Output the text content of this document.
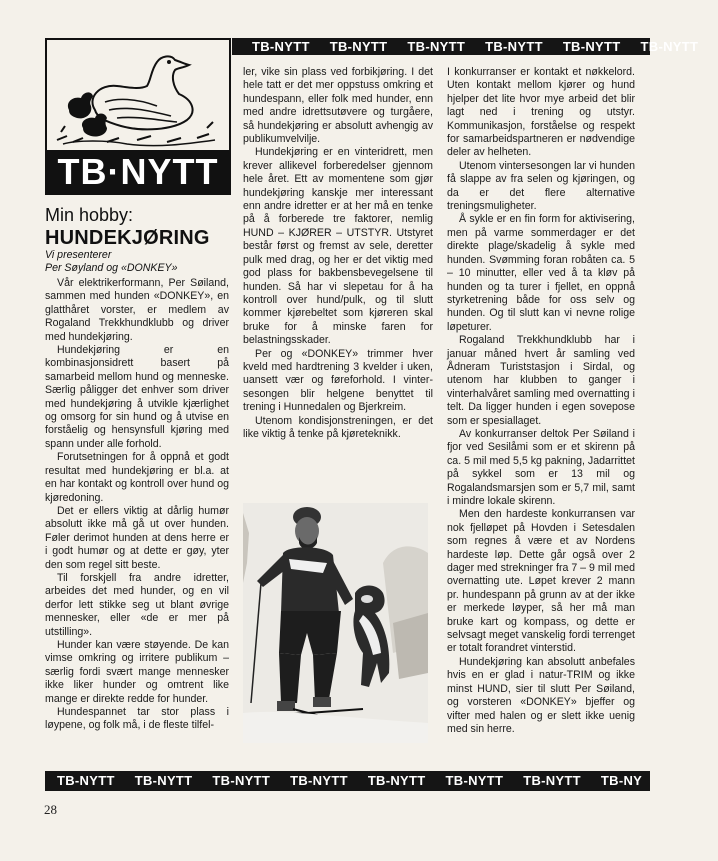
TB-NYTT TB-NYTT TB-NYTT TB-NYTT TB-NYTT TB-NYTT
TB·NYTT
Min hobby:
HUNDEKJØRING
Vi presenterer
Per Søyland og «DONKEY»

Vår elektrikerformann, Per Søiland, sammen med hunden «DONKEY», en glatthåret vorster, er medlem av Rogaland Trekkhundklubb og driver med hundekjøring.

Hundekjøring er en kombinasjonsidrett basert på samarbeid mellom hund og menneske. Særlig påligger det enhver som driver med hundekjøring å utvikle kjærlighet og omsorg for sin hund og å utvise en forståelig og hensynsfull kjøring med spann under alle forhold.

Forutsetningen for å oppnå et godt resultat med hundekjøring er bl.a. at en har kontakt og kontroll over hund og kjøredoning.

Det er ellers viktig at dårlig humør absolutt ikke må gå ut over hunden. Føler derimot hunden at dens herre er i godt humør og at dette er gøy, yter den som regel sitt beste.

Til forskjell fra andre idretter, arbeides det med hunder, og en vil derfor lett stikke seg ut blant øvrige mennesker, eller «de er mer på utstilling».

Hunder kan være støyende. De kan vimse omkring og irritere publikum – særlig fordi svært mange mennesker ikke liker hunder og omtrent like mange er direkte redde for hunder.

Hundespannet tar stor plass i løypene, og folk må, i de fleste tilfel-

ler, vike sin plass ved forbikjøring. I det hele tatt er det mer oppstuss omkring et hundespann, eller folk med hunder, enn med andre idrettsutøvere og turgåere, så hundekjøring er absolutt avhengig av publikumvelvilje.

Hundekjøring er en vinteridrett, men krever allikevel forberedelser gjennom hele året. Ett av momentene som gjør hundekjøring kanskje mer interessant enn andre idretter er at her må en tenke på å forberede tre faktorer, nemlig HUND – KJØRER – UTSTYR. Utstyret består først og fremst av sele, deretter pulk med drag, og her er det viktig med god plass for bakbensbevegelsene til hunden. Så har vi slepetau for å ha kontroll over hund/pulk, og til slutt kommer kjørebeltet som kjøreren skal bruke for å minske faren for belastningsskader.

Per og «DONKEY» trimmer hver kveld med hardtrening 3 kvelder i uken, uansett vær og føreforhold. I vinter-sesongen blir helgene benyttet til trening i Hunnedalen og Bjerkreim.

Utenom kondisjonstreningen, er det like viktig å tenke på kjøreteknikk.

I konkurranser er kontakt et nøkkelord. Uten kontakt mellom kjører og hund hjelper det lite hvor mye arbeid det blir lagt ned i trening og utstyr. Kommunikasjon, forståelse og respekt for samarbeidspartneren er nødvendige deler av helheten.

Utenom vintersesongen lar vi hunden få slappe av fra selen og kjøringen, og da er det flere alternative treningsmuligheter.

Å sykle er en fin form for aktivisering, men på varme sommerdager er det direkte plage/skadelig å sykle med hunden. Svømming foran robåten ca. 5 – 10 minutter, eller ved å ta kløv på hunden og ta turer i fjellet, en oppnå styrketrening både for oss selv og hunden. Og til slutt kan vi nevne rolige løpeturer.

Rogaland Trekkhundklubb har i januar måned hvert år samling ved Ådneram Turiststasjon i Sirdal, og utenom har klubben to ganger i vinterhalvåret samling med overnatting i telt. Da ligger hunden i egen sovepose som er spesiallaget.

Av konkurranser deltok Per Søiland i fjor ved Sesilåmi som er et skirenn på ca. 5 mil med 5,5 kg pakning, Jadarrittet på sykkel som er 13 mil og Rogalandsmarsjen som er 5,7 mil, samt i mindre lokale skirenn.

Men den hardeste konkurransen var nok fjelløpet på Hovden i Setesdalen som regnes å være et av Nordens hardeste løp. Dette går også over 2 dager med strekninger fra 7 – 9 mil med overnatting ute. Løpet krever 2 mann pr. hundespann på grunn av at der ikke er merkede løyper, så her må man bruke kart og kompass, og dette er selvsagt meget vanskelig fordi terrenget er totalt forandret vinterstid.

Hundekjøring kan absolutt anbefales hvis en er glad i natur-TRIM og ikke minst HUND, sier til slutt Per Søiland, og vorsteren «DONKEY» bjeffer og vifter med halen og er slett ikke uenig med sin herre.

TB-NYTT TB-NYTT TB-NYTT TB-NYTT TB-NYTT TB-NYTT TB-NYTT TB-NY
28
